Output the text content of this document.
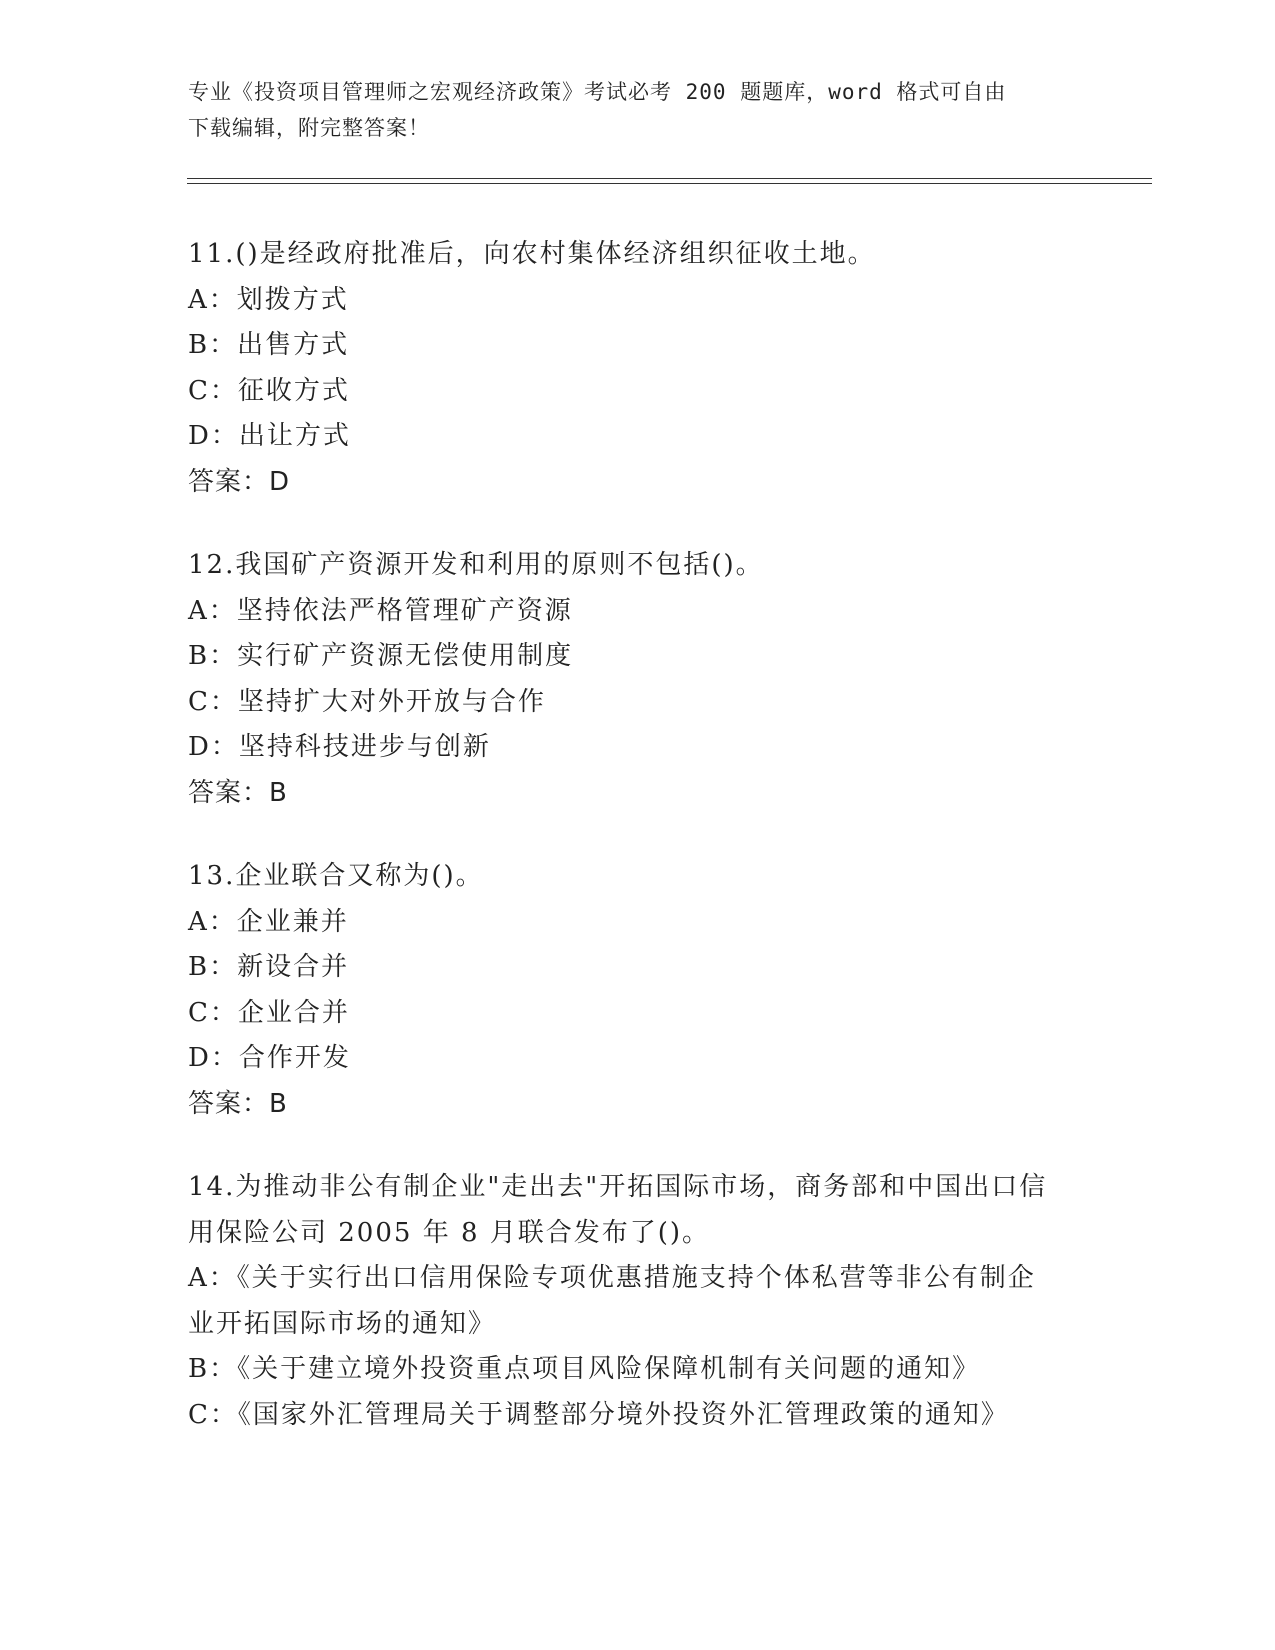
专业《投资项目管理师之宏观经济政策》考试必考 200 题题库，word 格式可自由
下载编辑，附完整答案！
11.()是经政府批准后，向农村集体经济组织征收土地。
A：划拨方式
B：出售方式
C：征收方式
D：出让方式
答案：D
12.我国矿产资源开发和利用的原则不包括()。
A：坚持依法严格管理矿产资源
B：实行矿产资源无偿使用制度
C：坚持扩大对外开放与合作
D：坚持科技进步与创新
答案：B
13.企业联合又称为()。
A：企业兼并
B：新设合并
C：企业合并
D：合作开发
答案：B
14.为推动非公有制企业"走出去"开拓国际市场，商务部和中国出口信
用保险公司 2005 年 8 月联合发布了()。
A：《关于实行出口信用保险专项优惠措施支持个体私营等非公有制企
业开拓国际市场的通知》
B：《关于建立境外投资重点项目风险保障机制有关问题的通知》
C：《国家外汇管理局关于调整部分境外投资外汇管理政策的通知》
